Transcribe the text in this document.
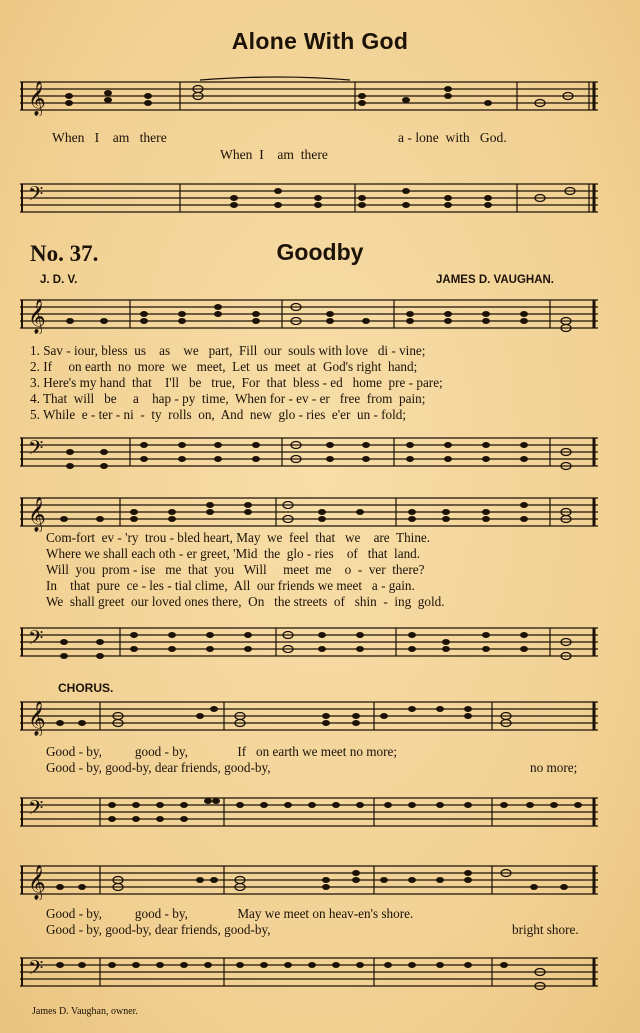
Alone With God
𝄞
When   I    am   there	a - lone  with   God.
When  I    am  there
𝄢
No. 37.	Goodby
J. D. V.	JAMES D. VAUGHAN.
𝄞
1. Sav - iour, bless  us    as    we   part,  Fill  our  souls with love   di - vine;
2. If     on earth  no  more  we   meet,  Let  us  meet  at  God's right  hand;
3. Here's my hand  that    I'll   be   true,  For  that  bless - ed   home  pre - pare;
4. That  will   be     a    hap - py  time,  When for - ev - er   free  from  pain;
5. While  e - ter - ni  -  ty  rolls  on,  And  new  glo - ries  e'er  un - fold;
𝄢
𝄞
Com-fort  ev - 'ry  trou - bled heart, May  we  feel  that   we    are  Thine.
Where we shall each oth - er greet, 'Mid  the  glo - ries    of   that  land.
Will  you  prom - ise   me  that  you   Will     meet  me    o  -  ver  there?
In    that  pure  ce - les - tial clime,  All  our friends we meet   a - gain.
We  shall greet  our loved ones there,  On   the streets  of   shin  -  ing  gold.
𝄢
CHORUS.
𝄞
Good - by,          good - by,               If   on earth we meet no more;
Good - by, good-by, dear friends, good-by,	no more;
𝄢
𝄞
Good - by,          good - by,               May we meet on heav-en's shore.
Good - by, good-by, dear friends, good-by,	bright shore.
𝄢
James D. Vaughan, owner.
